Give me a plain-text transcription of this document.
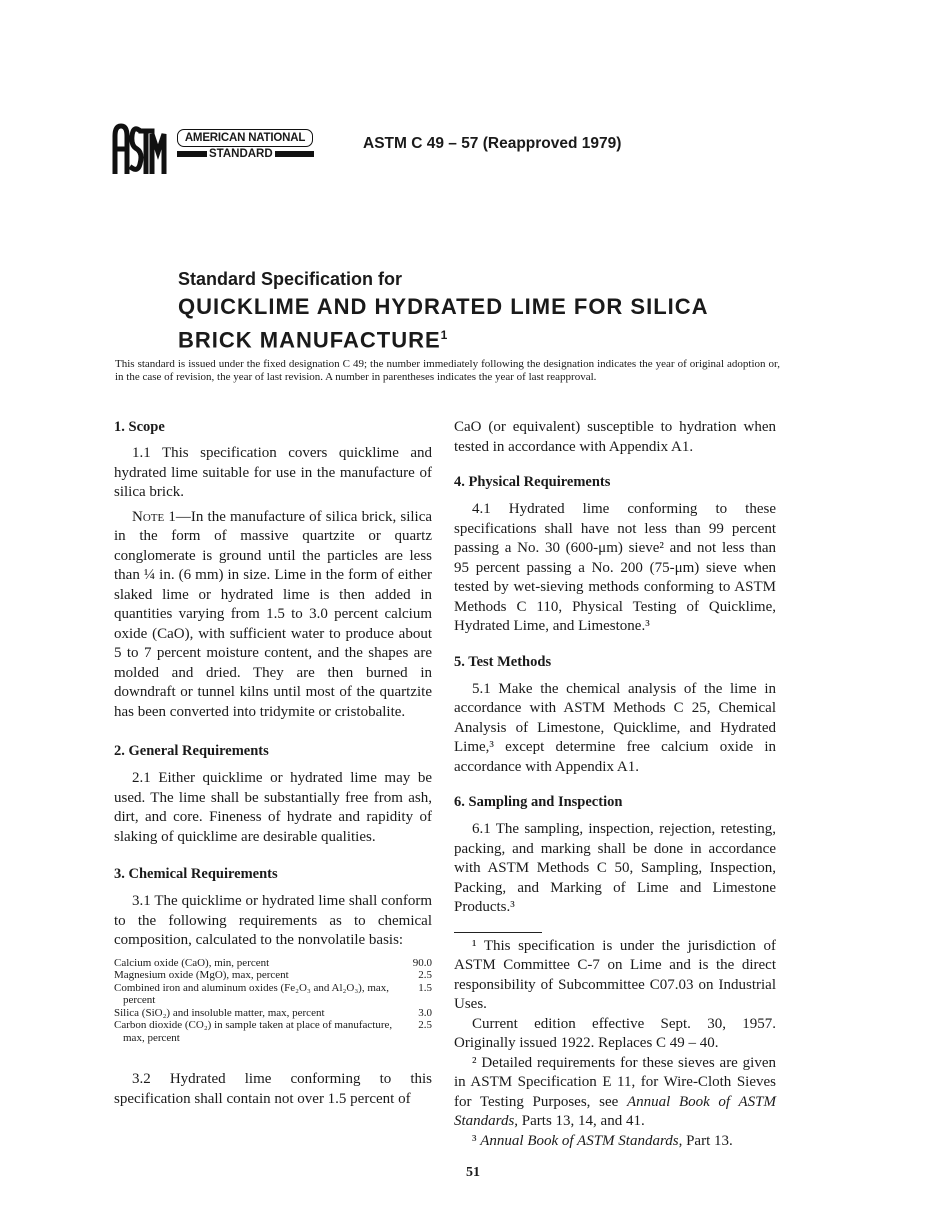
AMERICAN NATIONAL
STANDARD
ASTM C 49 – 57 (Reapproved 1979)
Standard Specification for
QUICKLIME AND HYDRATED LIME FOR SILICA
BRICK MANUFACTURE$^1$
This standard is issued under the fixed designation C 49; the number immediately following the designation indicates the year of original adoption or, in the case of revision, the year of last revision. A number in parentheses indicates the year of last reapproval.
1. Scope

1.1 This specification covers quicklime and hydrated lime suitable for use in the manufacture of silica brick.

Note 1—In the manufacture of silica brick, silica in the form of massive quartzite or quartz conglomerate is ground until the particles are less than ¼ in. (6 mm) in size. Lime in the form of either slaked lime or hydrated lime is then added in quantities varying from 1.5 to 3.0 percent calcium oxide (CaO), with sufficient water to produce about 5 to 7 percent moisture content, and the shapes are molded and dried. They are then burned in downdraft or tunnel kilns until most of the quartzite has been converted into tridymite or cristobalite.

2. General Requirements

2.1 Either quicklime or hydrated lime may be used. The lime shall be substantially free from ash, dirt, and core. Fineness of hydrate and rapidity of slaking of quicklime are desirable qualities.

3. Chemical Requirements

3.1 The quicklime or hydrated lime shall conform to the following requirements as to chemical composition, calculated to the nonvolatile basis:

Calcium oxide (CaO), min, percent	90.0
Magnesium oxide (MgO), max, percent	2.5
Combined iron and aluminum oxides (Fe₂O₃ and Al₂O₃), max, percent	1.5
Silica (SiO₂) and insoluble matter, max, percent	3.0
Carbon dioxide (CO₂) in sample taken at place of manufacture, max, percent	2.5

3.2 Hydrated lime conforming to this specification shall contain not over 1.5 percent of

CaO (or equivalent) susceptible to hydration when tested in accordance with Appendix A1.

4. Physical Requirements

4.1 Hydrated lime conforming to these specifications shall have not less than 99 percent passing a No. 30 (600-μm) sieve² and not less than 95 percent passing a No. 200 (75-μm) sieve when tested by wet-sieving methods conforming to ASTM Methods C 110, Physical Testing of Quicklime, Hydrated Lime, and Limestone.³

5. Test Methods

5.1 Make the chemical analysis of the lime in accordance with ASTM Methods C 25, Chemical Analysis of Limestone, Quicklime, and Hydrated Lime,³ except determine free calcium oxide in accordance with Appendix A1.

6. Sampling and Inspection

6.1 The sampling, inspection, rejection, retesting, packing, and marking shall be done in accordance with ASTM Methods C 50, Sampling, Inspection, Packing, and Marking of Lime and Limestone Products.³

¹ This specification is under the jurisdiction of ASTM Committee C-7 on Lime and is the direct responsibility of Subcommittee C07.03 on Industrial Uses.

Current edition effective Sept. 30, 1957. Originally issued 1922. Replaces C 49 – 40.

² Detailed requirements for these sieves are given in ASTM Specification E 11, for Wire-Cloth Sieves for Testing Purposes, see Annual Book of ASTM Standards, Parts 13, 14, and 41.

³ Annual Book of ASTM Standards, Part 13.

51
